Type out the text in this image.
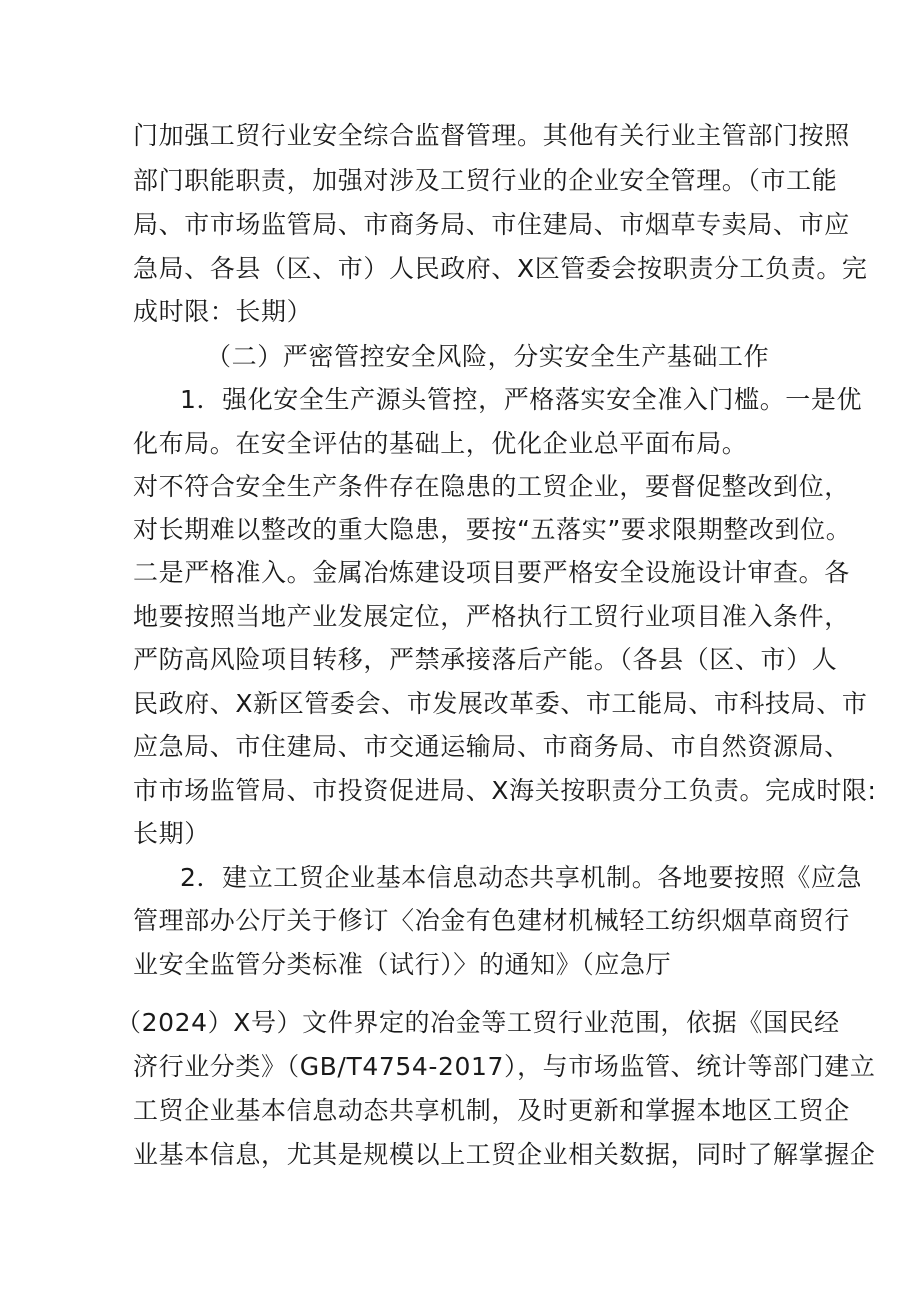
门加强工贸行业安全综合监督管理。其他有关行业主管部门按照
部门职能职责，加强对涉及工贸行业的企业安全管理。（市工能
局、市市场监管局、市商务局、市住建局、市烟草专卖局、市应
急局、各县（区、市）人民政府、X区管委会按职责分工负责。完
成时限：长期）
（二）严密管控安全风险，分实安全生产基础工作
1．强化安全生产源头管控，严格落实安全准入门槛。一是优
化布局。在安全评估的基础上，优化企业总平面布局。
对不符合安全生产条件存在隐患的工贸企业，要督促整改到位，
对长期难以整改的重大隐患，要按“五落实”要求限期整改到位。
二是严格准入。金属冶炼建设项目要严格安全设施设计审查。各
地要按照当地产业发展定位，严格执行工贸行业项目准入条件，
严防高风险项目转移，严禁承接落后产能。（各县（区、市）人
民政府、X新区管委会、市发展改革委、市工能局、市科技局、市
应急局、市住建局、市交通运输局、市商务局、市自然资源局、
市市场监管局、市投资促进局、X海关按职责分工负责。完成时限:
长期）
2．建立工贸企业基本信息动态共享机制。各地要按照《应急
管理部办公厅关于修订〈冶金有色建材机械轻工纺织烟草商贸行
业安全监管分类标准（试行）〉的通知》（应急厅
（2024）X号）文件界定的冶金等工贸行业范围，依据《国民经
济行业分类》（GB/T4754-2017），与市场监管、统计等部门建立
工贸企业基本信息动态共享机制，及时更新和掌握本地区工贸企
业基本信息，尤其是规模以上工贸企业相关数据，同时了解掌握企
